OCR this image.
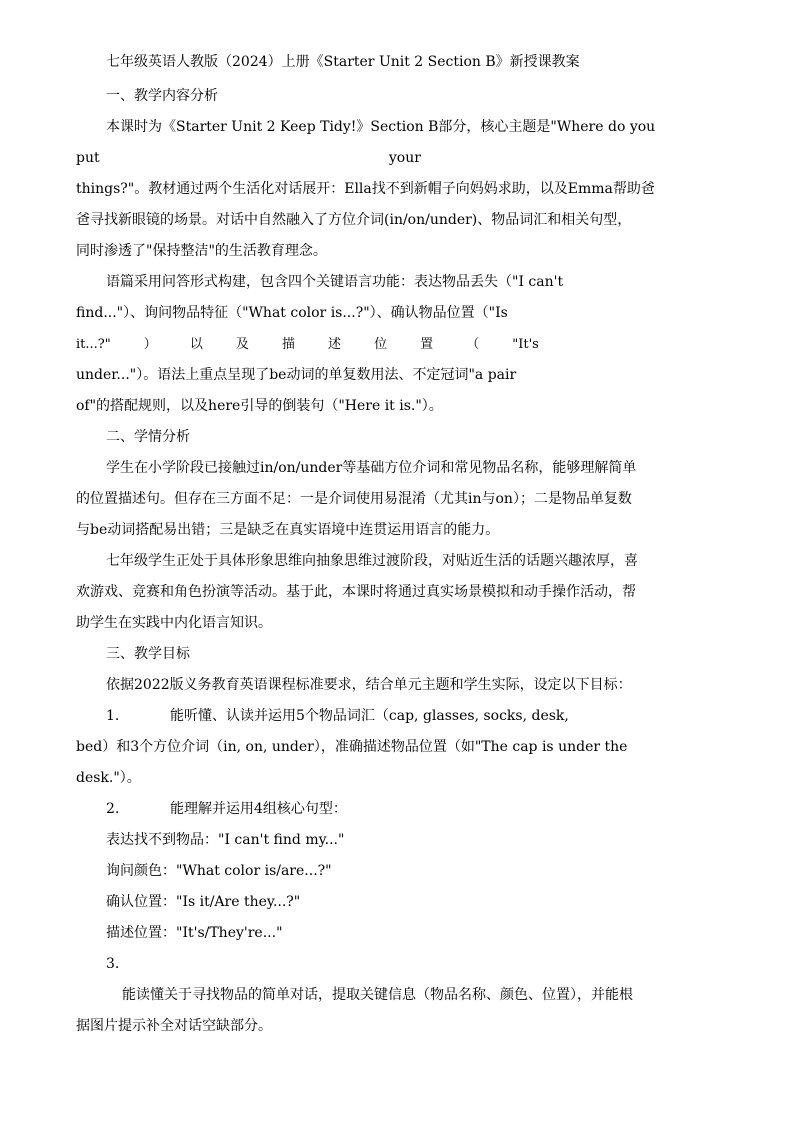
七年级英语人教版（2024）上册《Starter Unit 2 Section B》新授课教案
一、教学内容分析
本课时为《Starter Unit 2 Keep Tidy!》Section B部分，核心主题是"Where do you
put                                                                 your
things?"。教材通过两个生活化对话展开：Ella找不到新帽子向妈妈求助，以及Emma帮助爸
爸寻找新眼镜的场景。对话中自然融入了方位介词(in/on/under)、物品词汇和相关句型，
同时渗透了"保持整洁"的生活教育理念。
语篇采用问答形式构建，包含四个关键语言功能：表达物品丢失（"I can't
find..."）、询问物品特征（"What color is...?"）、确认物品位置（"Is
it...?"        ）        以        及        描        述        位        置        （        "It's
under..."）。语法上重点呈现了be动词的单复数用法、不定冠词"a pair
of"的搭配规则，以及here引导的倒装句（"Here it is."）。
二、学情分析
学生在小学阶段已接触过in/on/under等基础方位介词和常见物品名称，能够理解简单
的位置描述句。但存在三方面不足：一是介词使用易混淆（尤其in与on）；二是物品单复数
与be动词搭配易出错；三是缺乏在真实语境中连贯运用语言的能力。
七年级学生正处于具体形象思维向抽象思维过渡阶段，对贴近生活的话题兴趣浓厚，喜
欢游戏、竞赛和角色扮演等活动。基于此，本课时将通过真实场景模拟和动手操作活动，帮
助学生在实践中内化语言知识。
三、教学目标
依据2022版义务教育英语课程标准要求，结合单元主题和学生实际，设定以下目标：
1.	能听懂、认读并运用5个物品词汇（cap, glasses, socks, desk,
bed）和3个方位介词（in, on, under），准确描述物品位置（如"The cap is under the
desk."）。
2.	能理解并运用4组核心句型：
表达找不到物品："I can't find my..."
询问颜色："What color is/are...?"
确认位置："Is it/Are they...?"
描述位置："It's/They're..."
3.
能读懂关于寻找物品的简单对话，提取关键信息（物品名称、颜色、位置），并能根
据图片提示补全对话空缺部分。
